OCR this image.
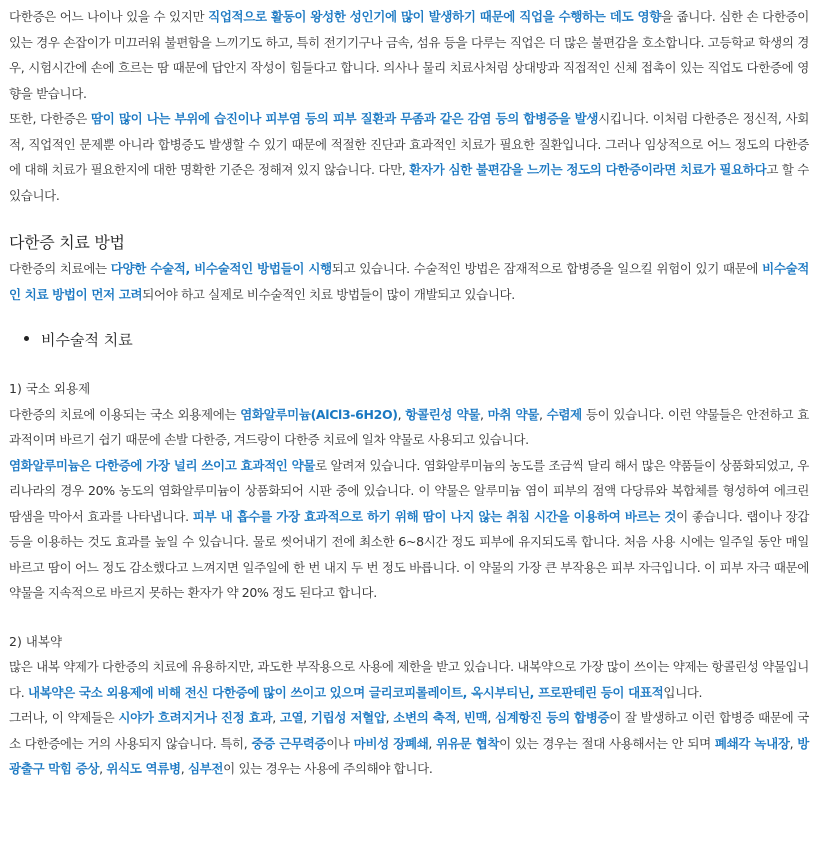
다한증은 어느 나이나 있을 수 있지만 직업적으로 활동이 왕성한 성인기에 많이 발생하기 때문에 직업을 수행하는 데도 영향을 줍니다. 심한 손 다한증이 있는 경우 손잡이가 미끄러워 불편함을 느끼기도 하고, 특히 전기기구나 금속, 섬유 등을 다루는 직업은 더 많은 불편감을 호소합니다. 고등학교 학생의 경우, 시험시간에 손에 흐르는 땀 때문에 답안지 작성이 힘들다고 합니다. 의사나 물리 치료사처럼 상대방과 직접적인 신체 접촉이 있는 직업도 다한증에 영향을 받습니다.

또한, 다한증은 땀이 많이 나는 부위에 습진이나 피부염 등의 피부 질환과 무좀과 같은 감염 등의 합병증을 발생시킵니다. 이처럼 다한증은 정신적, 사회적, 직업적인 문제뿐 아니라 합병증도 발생할 수 있기 때문에 적절한 진단과 효과적인 치료가 필요한 질환입니다. 그러나 임상적으로 어느 정도의 다한증에 대해 치료가 필요한지에 대한 명확한 기준은 정해져 있지 않습니다. 다만, 환자가 심한 불편감을 느끼는 정도의 다한증이라면 치료가 필요하다고 할 수 있습니다.

다한증 치료 방법

다한증의 치료에는 다양한 수술적, 비수술적인 방법들이 시행되고 있습니다. 수술적인 방법은 잠재적으로 합병증을 일으킬 위험이 있기 때문에 비수술적인 치료 방법이 먼저 고려되어야 하고 실제로 비수술적인 치료 방법들이 많이 개발되고 있습니다.

비수술적 치료
1) 국소 외용제

다한증의 치료에 이용되는 국소 외용제에는 염화알루미늄(AlCl3-6H2O), 항콜린성 약물, 마취 약물, 수렴제 등이 있습니다. 이런 약물들은 안전하고 효과적이며 바르기 쉽기 때문에 손발 다한증, 겨드랑이 다한증 치료에 일차 약물로 사용되고 있습니다.

염화알루미늄은 다한증에 가장 널리 쓰이고 효과적인 약물로 알려져 있습니다. 염화알루미늄의 농도를 조금씩 달리 해서 많은 약품들이 상품화되었고, 우리나라의 경우 20% 농도의 염화알루미늄이 상품화되어 시판 중에 있습니다. 이 약물은 알루미늄 염이 피부의 점액 다당류와 복합체를 형성하여 에크린 땀샘을 막아서 효과를 나타냅니다. 피부 내 흡수를 가장 효과적으로 하기 위해 땀이 나지 않는 취침 시간을 이용하여 바르는 것이 좋습니다. 랩이나 장갑 등을 이용하는 것도 효과를 높일 수 있습니다. 물로 씻어내기 전에 최소한 6~8시간 정도 피부에 유지되도록 합니다. 처음 사용 시에는 일주일 동안 매일 바르고 땀이 어느 정도 감소했다고 느껴지면 일주일에 한 번 내지 두 번 정도 바릅니다. 이 약물의 가장 큰 부작용은 피부 자극입니다. 이 피부 자극 때문에 약물을 지속적으로 바르지 못하는 환자가 약 20% 정도 된다고 합니다.

2) 내복약

많은 내복 약제가 다한증의 치료에 유용하지만, 과도한 부작용으로 사용에 제한을 받고 있습니다. 내복약으로 가장 많이 쓰이는 약제는 항콜린성 약물입니다. 내복약은 국소 외용제에 비해 전신 다한증에 많이 쓰이고 있으며 글리코피롤레이트, 옥시부티닌, 프로판테린 등이 대표적입니다.

그러나, 이 약제들은 시야가 흐려지거나 진정 효과, 고열, 기립성 저혈압, 소변의 축적, 빈맥, 심계항진 등의 합병증이 잘 발생하고 이런 합병증 때문에 국소 다한증에는 거의 사용되지 않습니다. 특히, 중증 근무력증이나 마비성 장폐쇄, 위유문 협착이 있는 경우는 절대 사용해서는 안 되며 폐쇄각 녹내장, 방광출구 막힘 증상, 위식도 역류병, 심부전이 있는 경우는 사용에 주의해야 합니다.
